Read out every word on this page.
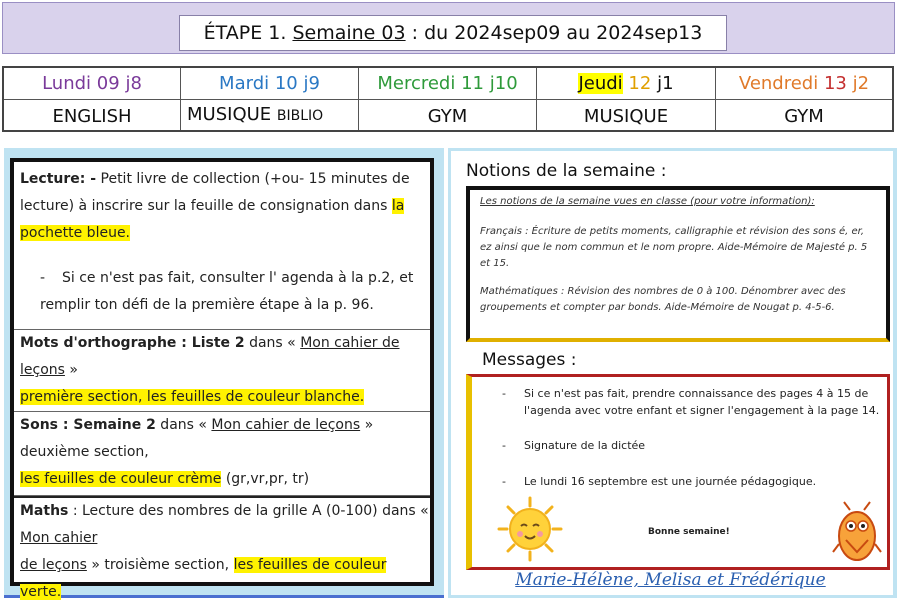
ÉTAPE 1. Semaine 03 : du 2024sep09 au 2024sep13
Lundi 09 j8	Mardi 10 j9	Mercredi 11 j10	Jeudi 12 j1	Vendredi 13 j2
ENGLISH	MUSIQUE BIBLIO	GYM	MUSIQUE	GYM
Lecture: - Petit livre de collection (+ou- 15 minutes de lecture) à inscrire sur la feuille de consignation dans la pochette bleue.
- Si ce n'est pas fait, consulter l' agenda à la p.2, et remplir ton défi de la première étape à la p. 96.
Mots d'orthographe : Liste 2 dans « Mon cahier de leçons »
première section, les feuilles de couleur blanche.
Sons : Semaine 2 dans « Mon cahier de leçons » deuxième section,
les feuilles de couleur crème (gr,vr,pr, tr)
Maths : Lecture des nombres de la grille A (0-100) dans « Mon cahier
de leçons » troisième section, les feuilles de couleur verte.
Notions de la semaine :

Les notions de la semaine vues en classe (pour votre information):

Français : Écriture de petits moments, calligraphie et révision des sons é, er, ez ainsi que le nom commun et le nom propre. Aide-Mémoire de Majesté p. 5 et 15.

Mathématiques : Révision des nombres de 0 à 100. Dénombrer avec des groupements et compter par bonds. Aide-Mémoire de Nougat p. 4-5-6.

Messages :
-	Si ce n'est pas fait, prendre connaissance des pages 4 à 15 de l'agenda avec votre enfant et signer l'engagement à la page 14.
-	Signature de la dictée
-	Le lundi 16 septembre est une journée pédagogique.
Bonne semaine!
Marie-Hélène, Melisa et Frédérique
